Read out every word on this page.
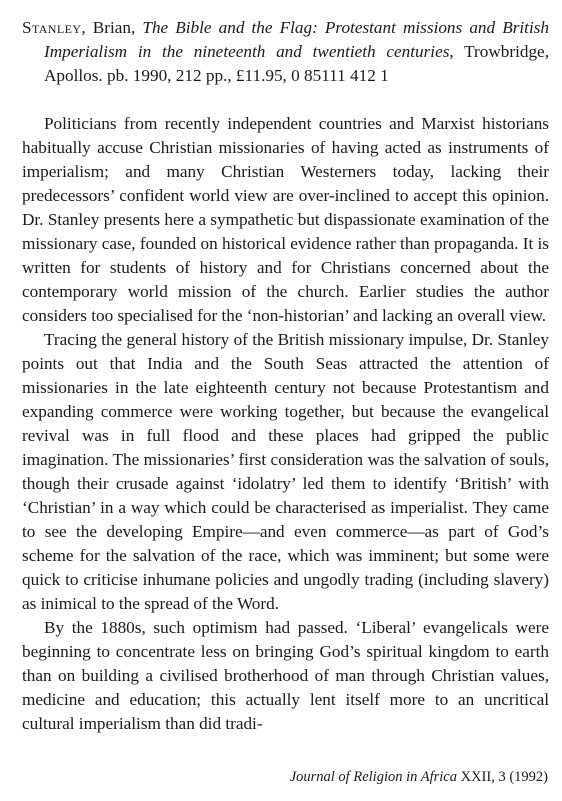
Stanley, Brian, The Bible and the Flag: Protestant missions and British Imperialism in the nineteenth and twentieth centuries, Trowbridge, Apollos. pb. 1990, 212 pp., £11.95, 0 85111 412 1

Politicians from recently independent countries and Marxist historians habitually accuse Christian missionaries of having acted as instruments of imperialism; and many Christian Westerners today, lacking their predecessors’ confident world view are over-inclined to accept this opinion. Dr. Stanley presents here a sympathetic but dispassionate examination of the missionary case, founded on historical evidence rather than propaganda. It is written for students of history and for Christians concerned about the contemporary world mission of the church. Earlier studies the author considers too specialised for the ‘non-historian’ and lacking an overall view.

Tracing the general history of the British missionary impulse, Dr. Stanley points out that India and the South Seas attracted the attention of missionaries in the late eighteenth century not because Protestantism and expanding commerce were working together, but because the evangelical revival was in full flood and these places had gripped the public imagination. The missionaries’ first consideration was the salvation of souls, though their crusade against ‘idolatry’ led them to identify ‘British’ with ‘Christian’ in a way which could be characterised as imperialist. They came to see the developing Empire—and even commerce—as part of God’s scheme for the salvation of the race, which was imminent; but some were quick to criticise inhumane policies and ungodly trading (including slavery) as inimical to the spread of the Word.

By the 1880s, such optimism had passed. ‘Liberal’ evangelicals were beginning to concentrate less on bringing God’s spiritual kingdom to earth than on building a civilised brotherhood of man through Christian values, medicine and education; this actually lent itself more to an uncritical cultural imperialism than did tradi-

Journal of Religion in Africa XXII, 3 (1992)
